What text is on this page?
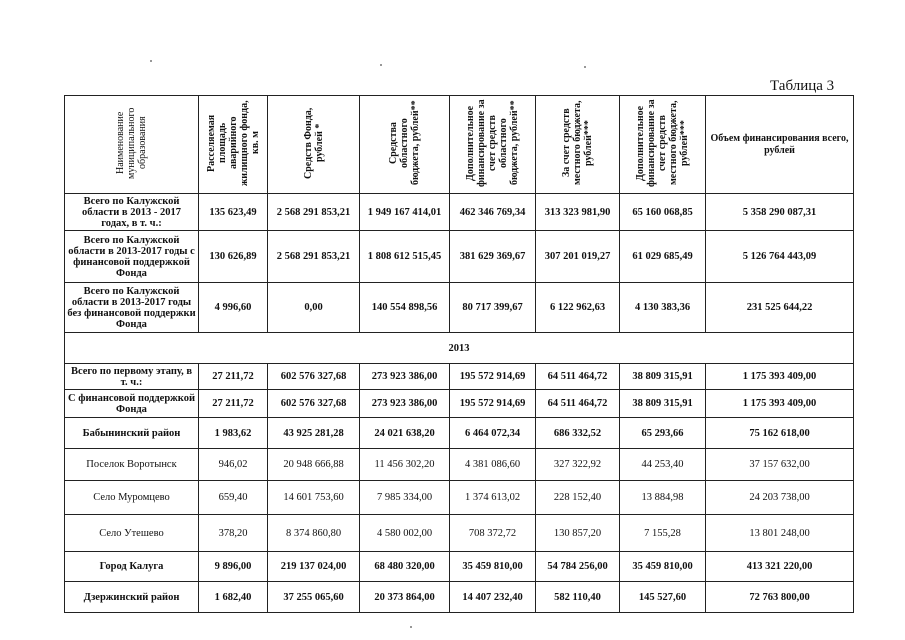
Таблица 3
Наименование муниципального образования	Расселяемая площадь аварийного жилищного фонда, кв. м	Средств Фонда, рублей *	Средства областного бюджета, рублей**	Дополнительное финансирование за счет средств областного бюджета, рублей**	За счет средств местного бюджета, рублей***	Дополнительное финансирование за счет средств местного бюджета, рублей***	Объем финансирования всего, рублей

Всего по Калужской области в 2013 - 2017 годах, в т. ч.:	135 623,49	2 568 291 853,21	1 949 167 414,01	462 346 769,34	313 323 981,90	65 160 068,85	5 358 290 087,31
Всего по Калужской области в 2013-2017 годы с финансовой поддержкой Фонда	130 626,89	2 568 291 853,21	1 808 612 515,45	381 629 369,67	307 201 019,27	61 029 685,49	5 126 764 443,09
Всего по Калужской области в 2013-2017 годы без финансовой поддержки Фонда	4 996,60	0,00	140 554 898,56	80 717 399,67	6 122 962,63	4 130 383,36	231 525 644,22
2013							
Всего по первому этапу, в т. ч.:	27 211,72	602 576 327,68	273 923 386,00	195 572 914,69	64 511 464,72	38 809 315,91	1 175 393 409,00
С финансовой поддержкой Фонда	27 211,72	602 576 327,68	273 923 386,00	195 572 914,69	64 511 464,72	38 809 315,91	1 175 393 409,00
Бабынинский район	1 983,62	43 925 281,28	24 021 638,20	6 464 072,34	686 332,52	65 293,66	75 162 618,00
Поселок Воротынск	946,02	20 948 666,88	11 456 302,20	4 381 086,60	327 322,92	44 253,40	37 157 632,00
Село Муромцево	659,40	14 601 753,60	7 985 334,00	1 374 613,02	228 152,40	13 884,98	24 203 738,00
Село Утешево	378,20	8 374 860,80	4 580 002,00	708 372,72	130 857,20	7 155,28	13 801 248,00
Город Калуга	9 896,00	219 137 024,00	68 480 320,00	35 459 810,00	54 784 256,00	35 459 810,00	413 321 220,00
Дзержинский район	1 682,40	37 255 065,60	20 373 864,00	14 407 232,40	582 110,40	145 527,60	72 763 800,00
